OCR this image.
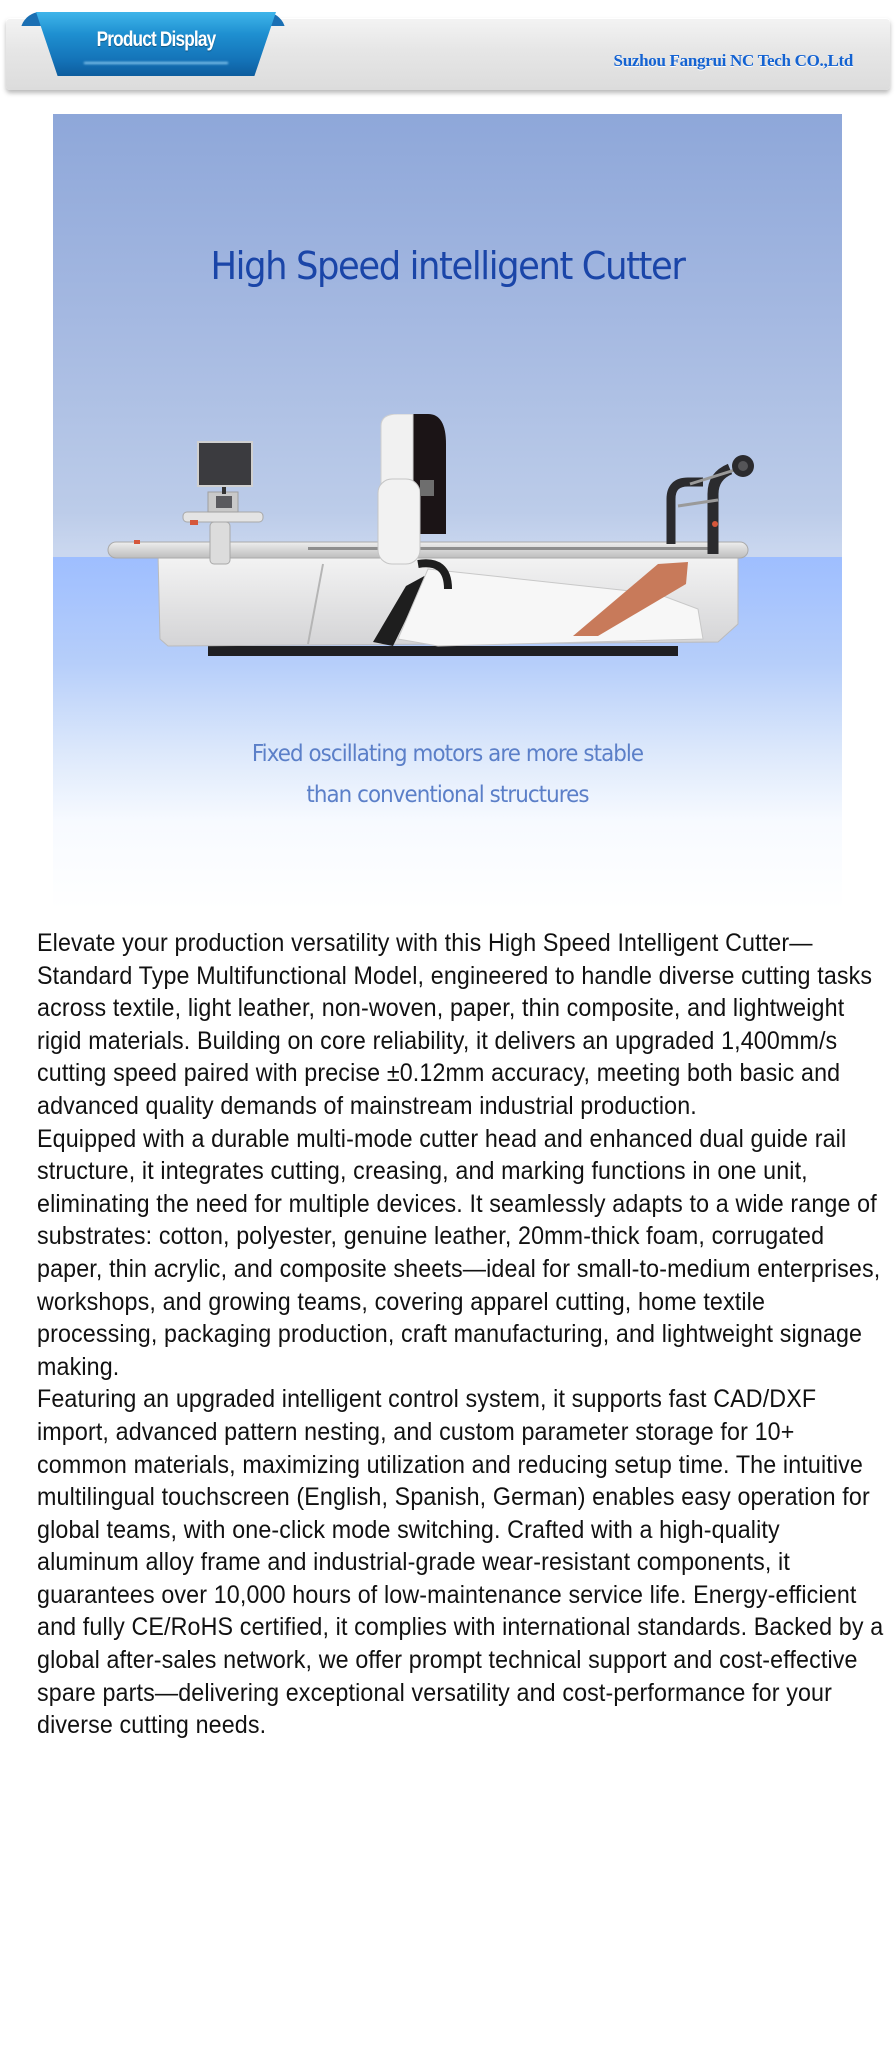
Product Display
Suzhou Fangrui NC Tech CO.,Ltd
High Speed intelligent Cutter
Fixed oscillating motors are more stable
than conventional structures

Elevate your production versatility with this High Speed Intelligent Cutter—Standard Type Multifunctional Model, engineered to handle diverse cutting tasks across textile, light leather, non-woven, paper, thin composite, and lightweight rigid materials. Building on core reliability, it delivers an upgraded 1,400mm/s cutting speed paired with precise ±0.12mm accuracy, meeting both basic and advanced quality demands of mainstream industrial production.

Equipped with a durable multi-mode cutter head and enhanced dual guide rail structure, it integrates cutting, creasing, and marking functions in one unit, eliminating the need for multiple devices. It seamlessly adapts to a wide range of substrates: cotton, polyester, genuine leather, 20mm-thick foam, corrugated paper, thin acrylic, and composite sheets—ideal for small-to-medium enterprises, workshops, and growing teams, covering apparel cutting, home textile processing, packaging production, craft manufacturing, and lightweight signage making.

Featuring an upgraded intelligent control system, it supports fast CAD/DXF import, advanced pattern nesting, and custom parameter storage for 10+ common materials, maximizing utilization and reducing setup time. The intuitive multilingual touchscreen (English, Spanish, German) enables easy operation for global teams, with one-click mode switching. Crafted with a high-quality aluminum alloy frame and industrial-grade wear-resistant components, it guarantees over 10,000 hours of low-maintenance service life. Energy-efficient and fully CE/RoHS certified, it complies with international standards. Backed by a global after-sales network, we offer prompt technical support and cost-effective spare parts—delivering exceptional versatility and cost-performance for your diverse cutting needs.
